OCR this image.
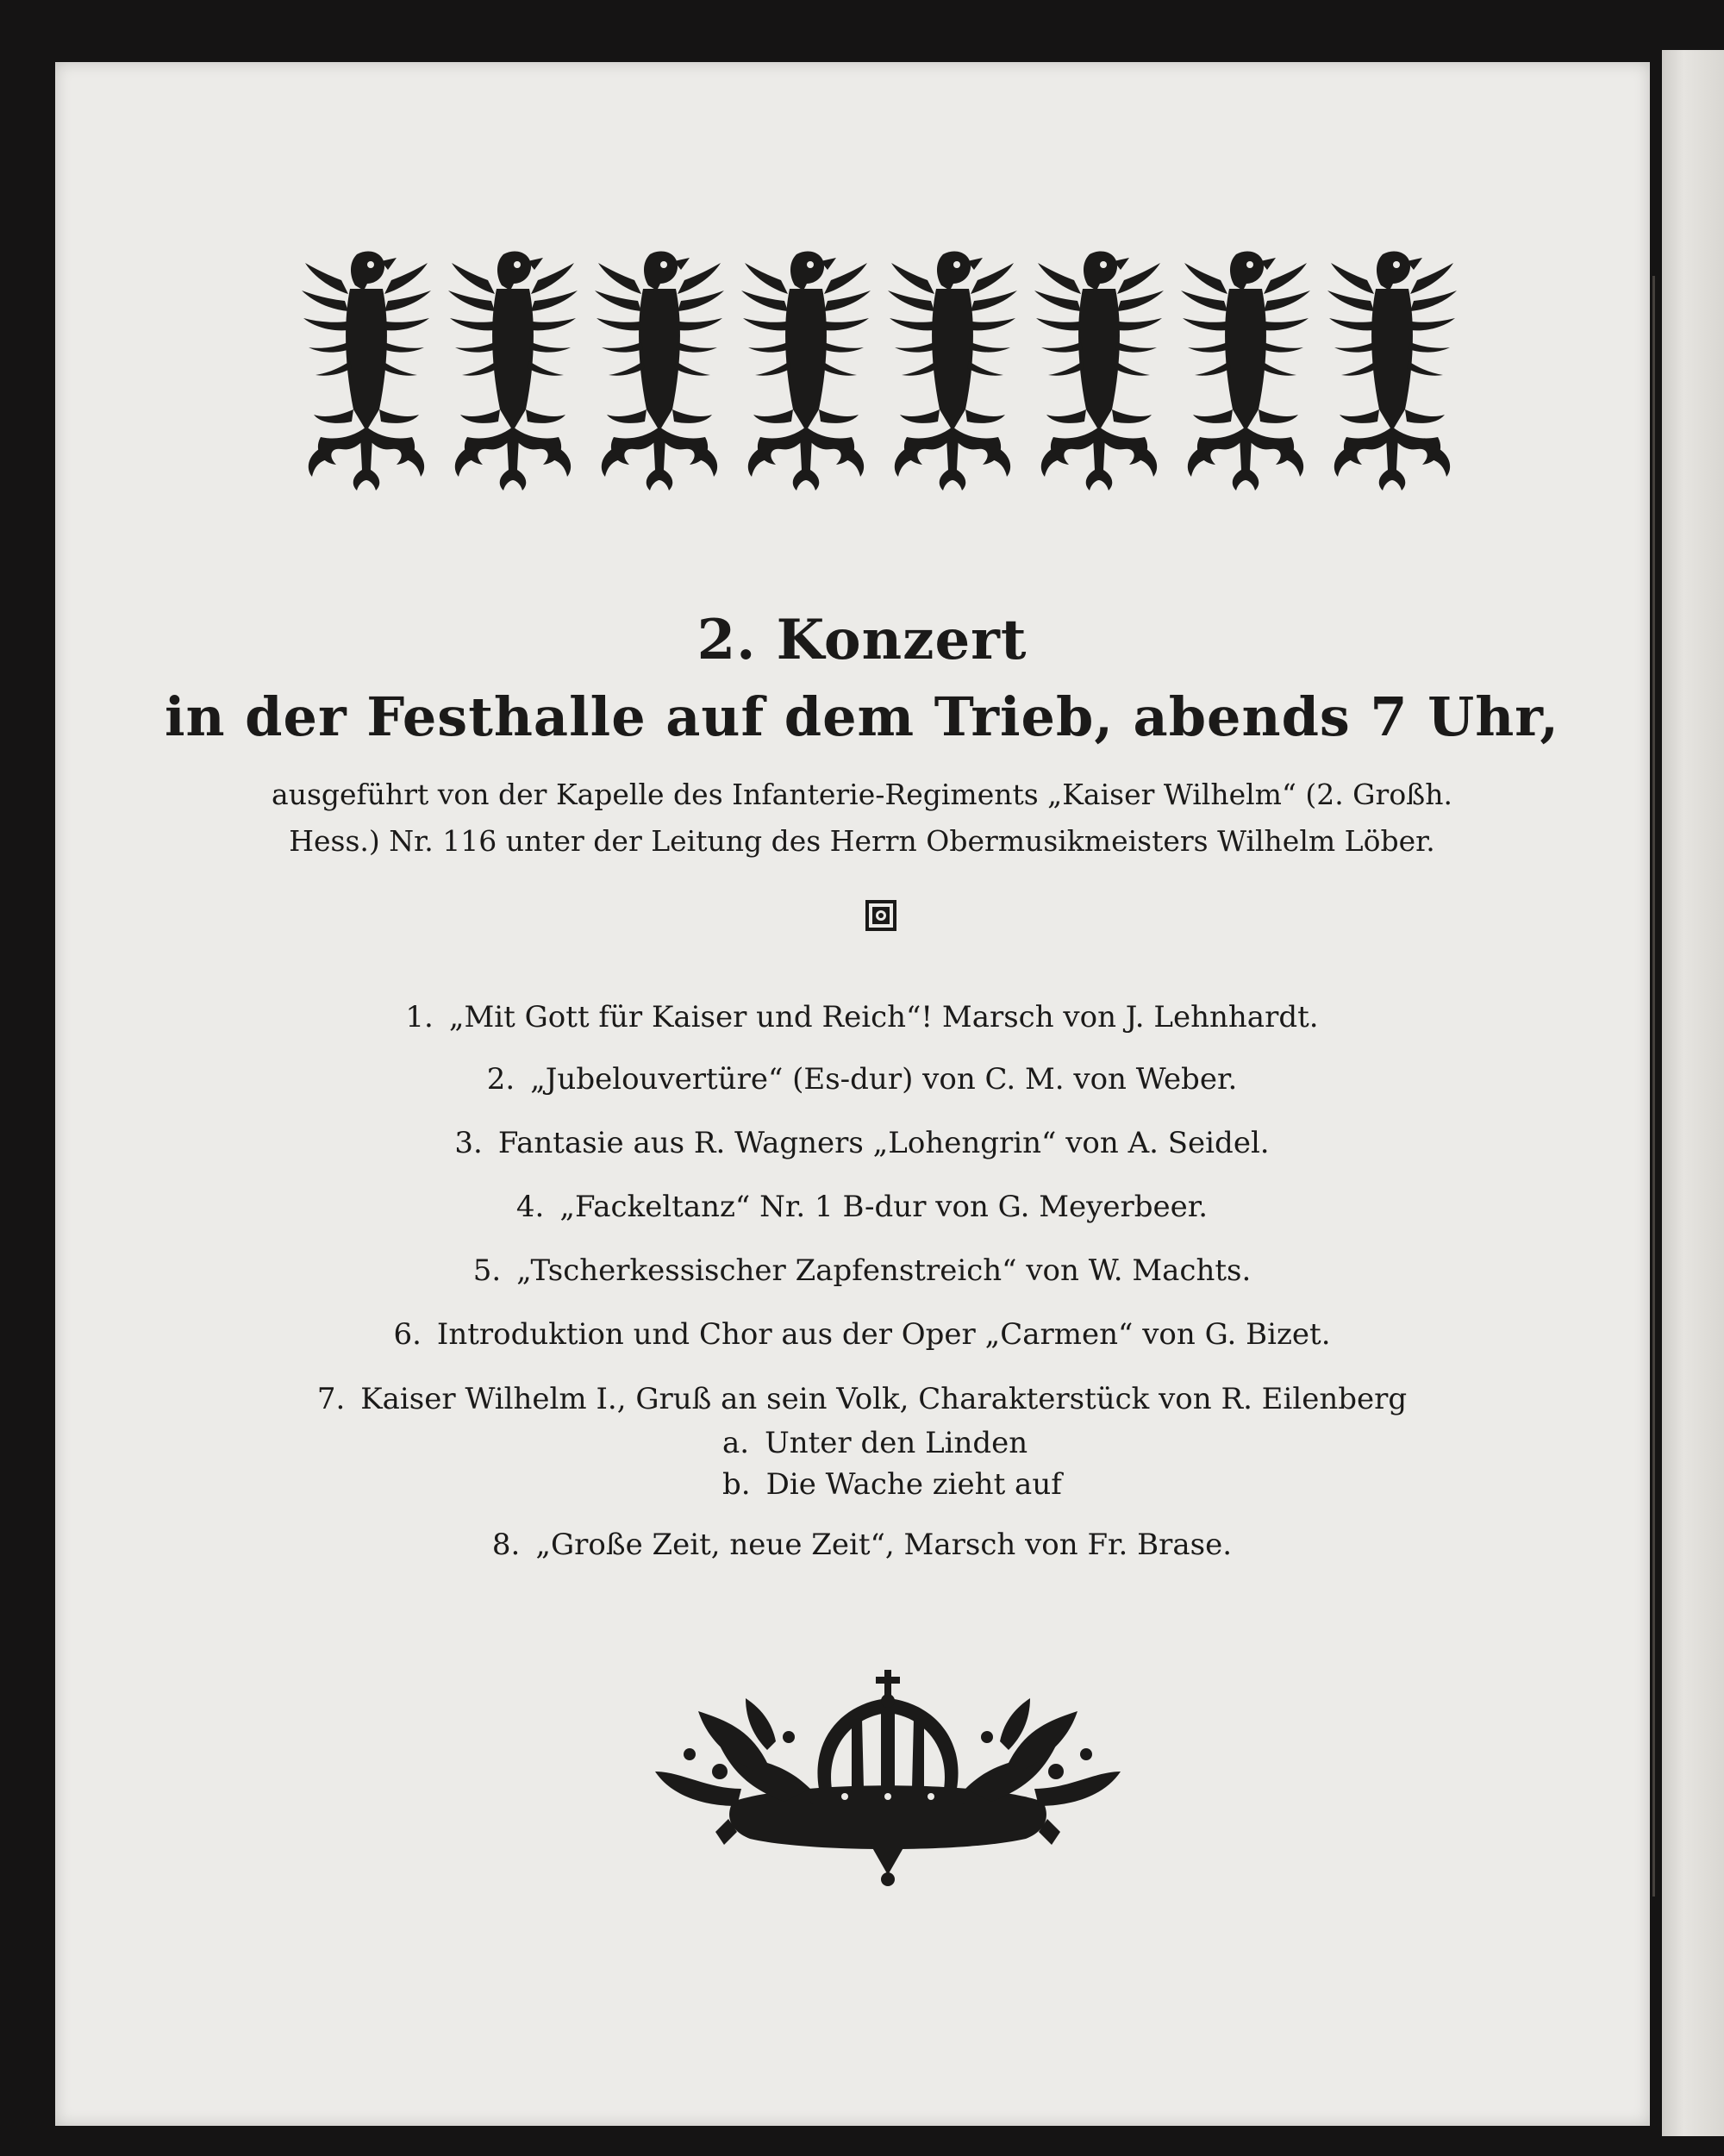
2. Konzert
in der Festhalle auf dem Trieb, abends 7 Uhr,
ausgeführt von der Kapelle des Infanterie-Regiments „Kaiser Wilhelm“ (2. Großh.
Hess.) Nr. 116 unter der Leitung des Herrn Obermusikmeisters Wilhelm Löber.
1. „Mit Gott für Kaiser und Reich“! Marsch von J. Lehnhardt.
2. „Jubelouvertüre“ (Es-dur) von C. M. von Weber.
3. Fantasie aus R. Wagners „Lohengrin“ von A. Seidel.
4. „Fackeltanz“ Nr. 1 B-dur von G. Meyerbeer.
5. „Tscherkessischer Zapfenstreich“ von W. Machts.
6. Introduktion und Chor aus der Oper „Carmen“ von G. Bizet.
7. Kaiser Wilhelm I., Gruß an sein Volk, Charakterstück von R. Eilenberg
a. Unter den Linden
b. Die Wache zieht auf
8. „Große Zeit, neue Zeit“, Marsch von Fr. Brase.
